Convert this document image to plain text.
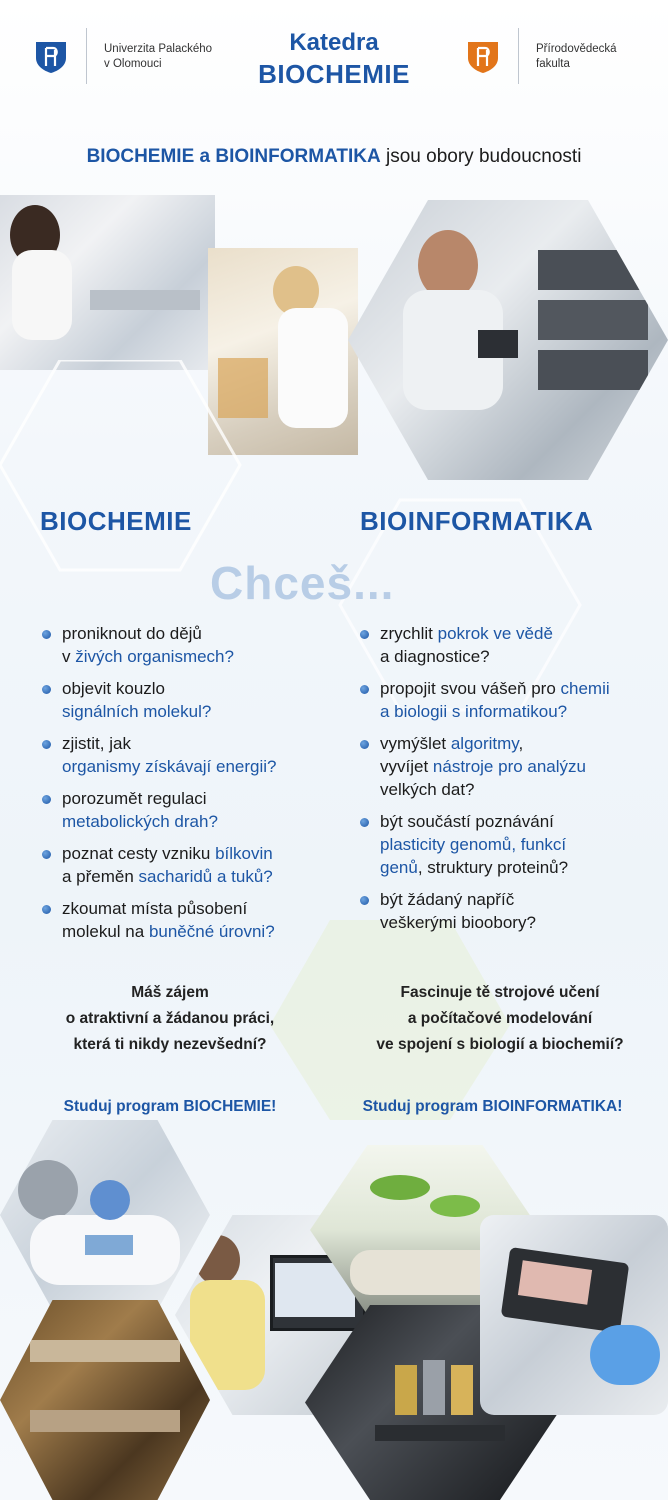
Univerzita Palackého
v Olomouci
Katedra
BIOCHEMIE
Přírodovědecká
fakulta
BIOCHEMIE a BIOINFORMATIKA jsou obory budoucnosti
BIOCHEMIE	BIOINFORMATIKA
Chceš...
proniknout do dějů
v živých organismech?
objevit kouzlo
signálních molekul?
zjistit, jak
organismy získávají energii?
porozumět regulaci
metabolických drah?
poznat cesty vzniku bílkovin
a přeměn sacharidů a tuků?
zkoumat místa působení
molekul na buněčné úrovni?
zrychlit pokrok ve vědě
a diagnostice?
propojit svou vášeň pro chemii
a biologii s informatikou?
vymýšlet algoritmy,
vyvíjet nástroje pro analýzu
velkých dat?
být součástí poznávání
plasticity genomů, funkcí
genů, struktury proteinů?
být žádaný napříč
veškerými bioobory?
Máš zájem
o atraktivní a žádanou práci,
která ti nikdy nezevšední?
Fascinuje tě strojové učení
a počítačové modelování
ve spojení s biologií a biochemií?
Studuj program BIOCHEMIE!	Studuj program BIOINFORMATIKA!
